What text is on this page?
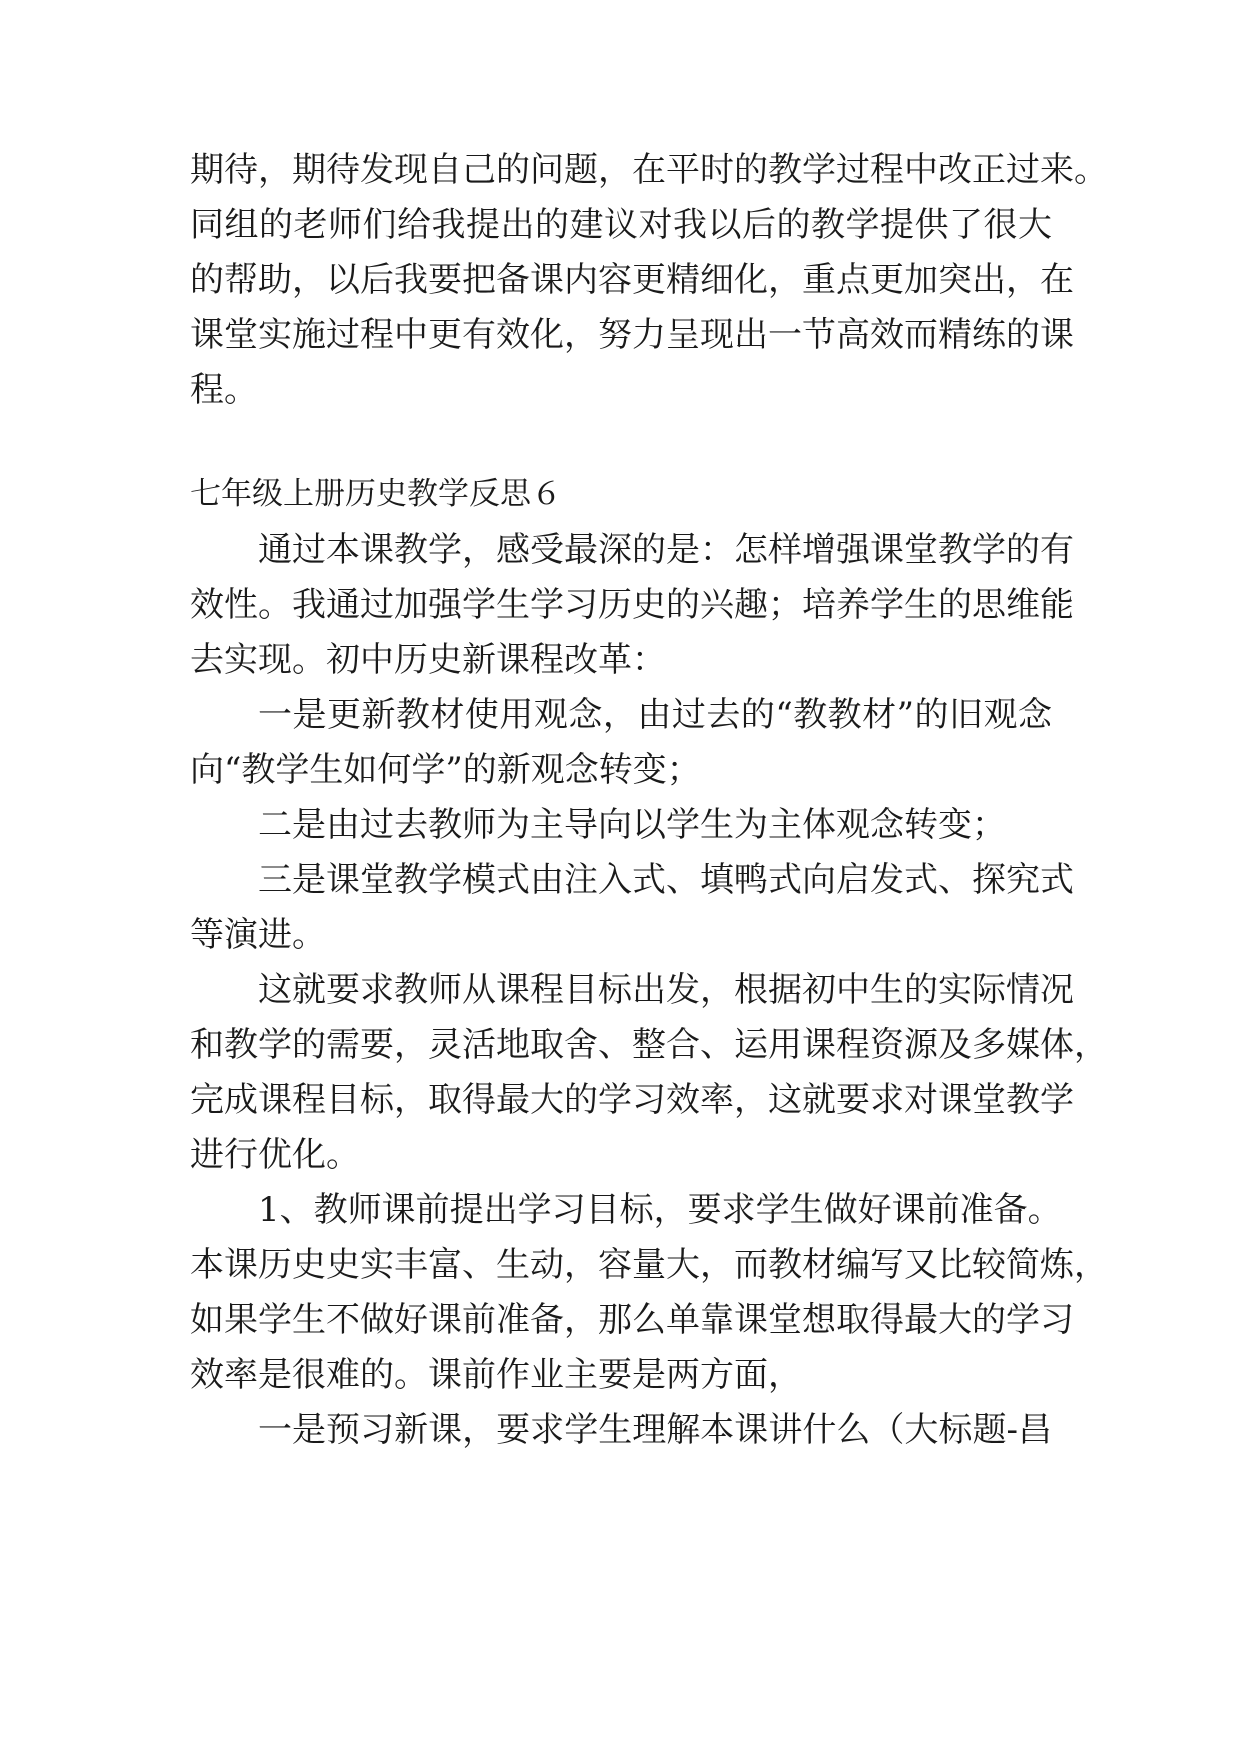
期待，期待发现自己的问题，在平时的教学过程中改正过来。
同组的老师们给我提出的建议对我以后的教学提供了很大
的帮助，以后我要把备课内容更精细化，重点更加突出，在
课堂实施过程中更有效化，努力呈现出一节高效而精练的课
程。
七年级上册历史教学反思６
通过本课教学，感受最深的是：怎样增强课堂教学的有
效性。我通过加强学生学习历史的兴趣；培养学生的思维能
去实现。初中历史新课程改革：
一是更新教材使用观念，由过去的“教教材”的旧观念
向“教学生如何学”的新观念转变；
二是由过去教师为主导向以学生为主体观念转变；
三是课堂教学模式由注入式、填鸭式向启发式、探究式
等演进。
这就要求教师从课程目标出发，根据初中生的实际情况
和教学的需要，灵活地取舍、整合、运用课程资源及多媒体，
完成课程目标，取得最大的学习效率，这就要求对课堂教学
进行优化。
1、教师课前提出学习目标，要求学生做好课前准备。
本课历史史实丰富、生动，容量大，而教材编写又比较简炼，
如果学生不做好课前准备，那么单靠课堂想取得最大的学习
效率是很难的。课前作业主要是两方面，
一是预习新课，要求学生理解本课讲什么（大标题-昌
